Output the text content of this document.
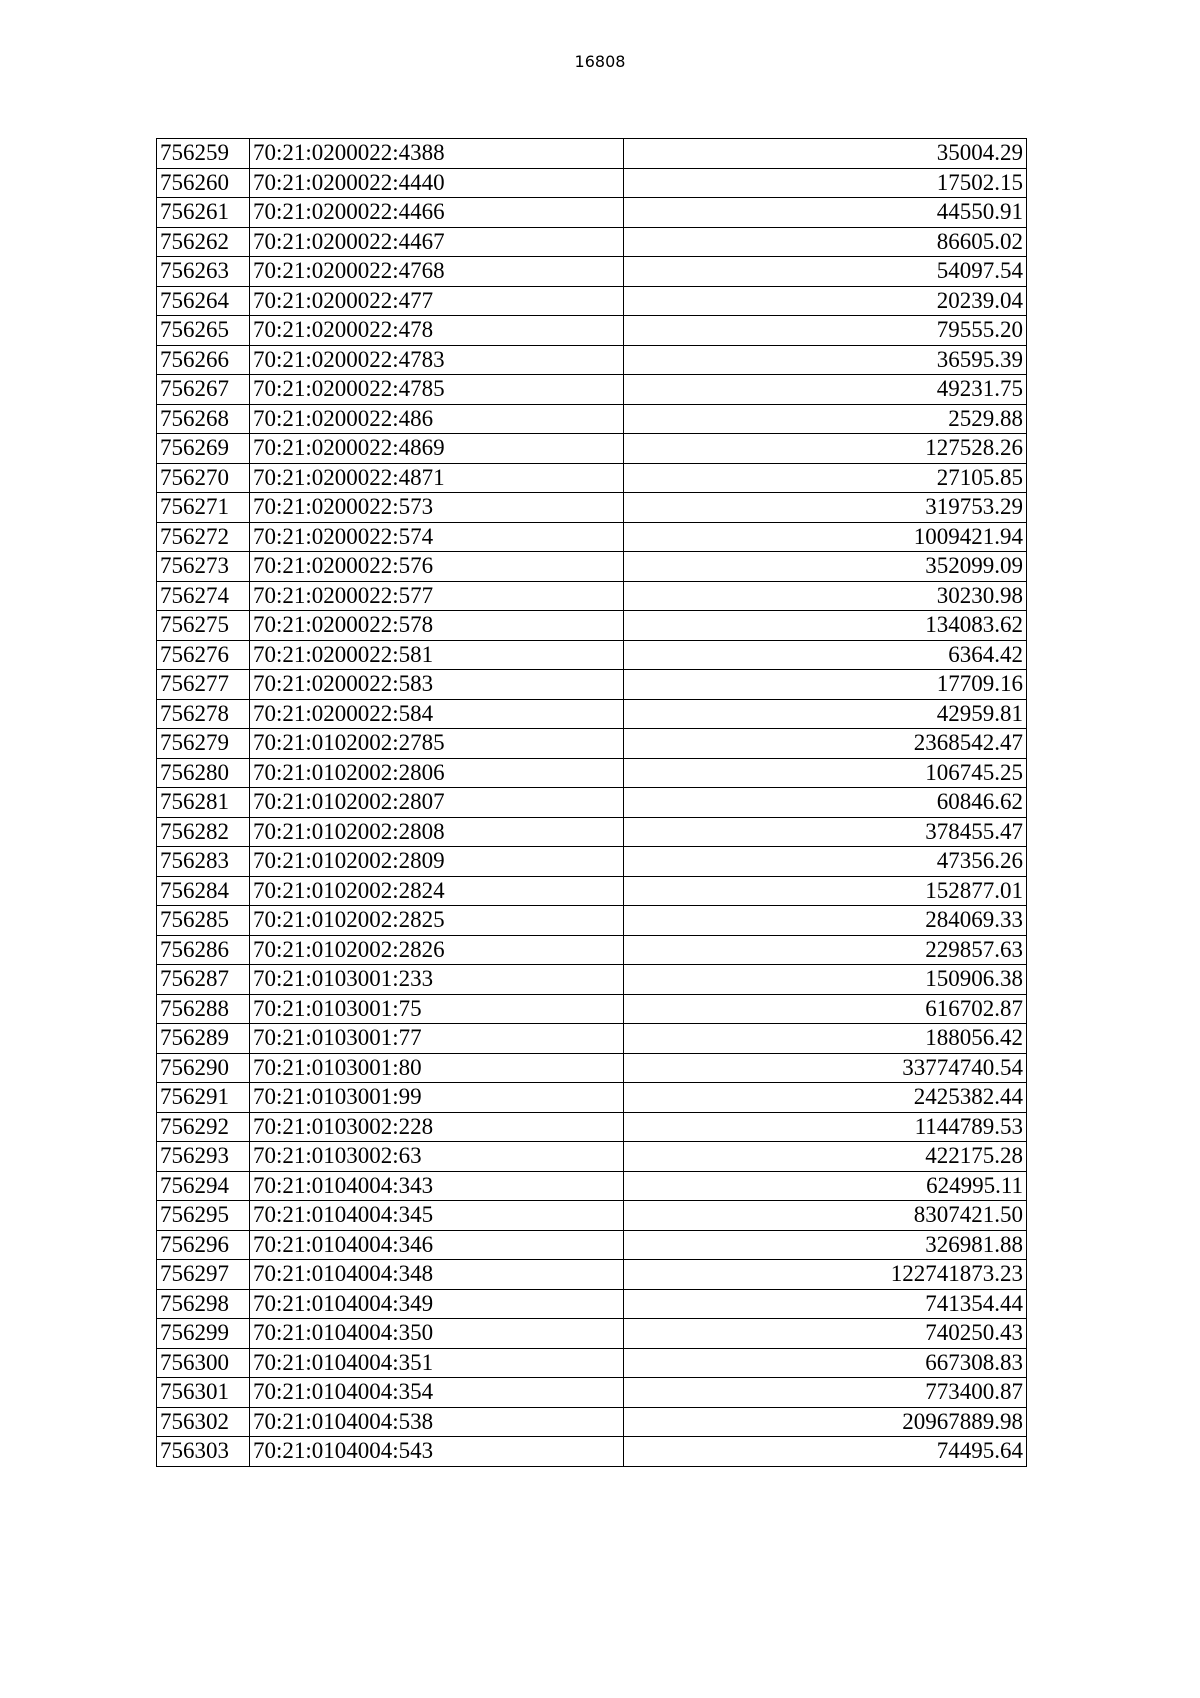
16808
756259	70:21:0200022:4388	35004.29
756260	70:21:0200022:4440	17502.15
756261	70:21:0200022:4466	44550.91
756262	70:21:0200022:4467	86605.02
756263	70:21:0200022:4768	54097.54
756264	70:21:0200022:477	20239.04
756265	70:21:0200022:478	79555.20
756266	70:21:0200022:4783	36595.39
756267	70:21:0200022:4785	49231.75
756268	70:21:0200022:486	2529.88
756269	70:21:0200022:4869	127528.26
756270	70:21:0200022:4871	27105.85
756271	70:21:0200022:573	319753.29
756272	70:21:0200022:574	1009421.94
756273	70:21:0200022:576	352099.09
756274	70:21:0200022:577	30230.98
756275	70:21:0200022:578	134083.62
756276	70:21:0200022:581	6364.42
756277	70:21:0200022:583	17709.16
756278	70:21:0200022:584	42959.81
756279	70:21:0102002:2785	2368542.47
756280	70:21:0102002:2806	106745.25
756281	70:21:0102002:2807	60846.62
756282	70:21:0102002:2808	378455.47
756283	70:21:0102002:2809	47356.26
756284	70:21:0102002:2824	152877.01
756285	70:21:0102002:2825	284069.33
756286	70:21:0102002:2826	229857.63
756287	70:21:0103001:233	150906.38
756288	70:21:0103001:75	616702.87
756289	70:21:0103001:77	188056.42
756290	70:21:0103001:80	33774740.54
756291	70:21:0103001:99	2425382.44
756292	70:21:0103002:228	1144789.53
756293	70:21:0103002:63	422175.28
756294	70:21:0104004:343	624995.11
756295	70:21:0104004:345	8307421.50
756296	70:21:0104004:346	326981.88
756297	70:21:0104004:348	122741873.23
756298	70:21:0104004:349	741354.44
756299	70:21:0104004:350	740250.43
756300	70:21:0104004:351	667308.83
756301	70:21:0104004:354	773400.87
756302	70:21:0104004:538	20967889.98
756303	70:21:0104004:543	74495.64
